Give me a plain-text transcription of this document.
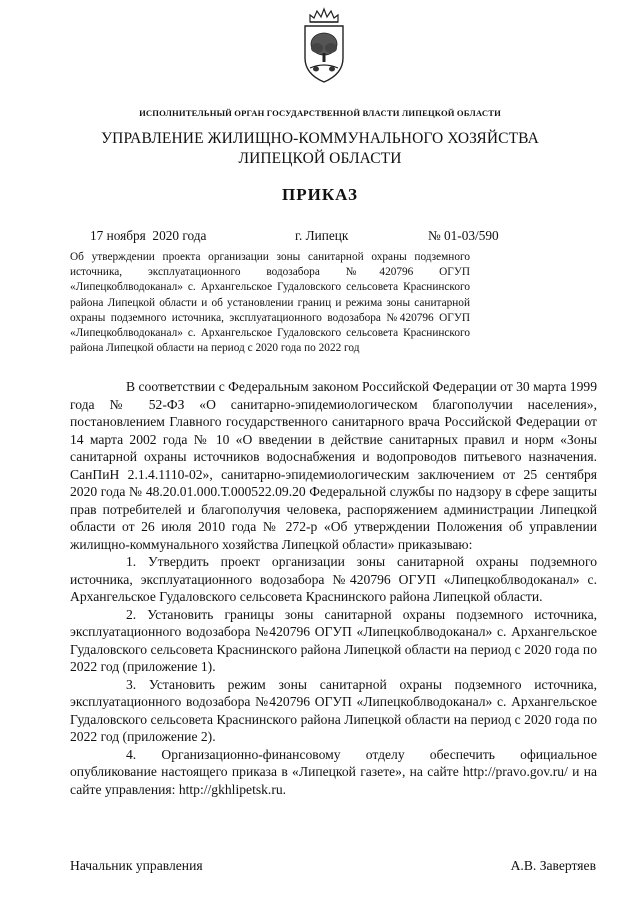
ИСПОЛНИТЕЛЬНЫЙ ОРГАН ГОСУДАРСТВЕННОЙ ВЛАСТИ ЛИПЕЦКОЙ ОБЛАСТИ
УПРАВЛЕНИЕ ЖИЛИЩНО-КОММУНАЛЬНОГО ХОЗЯЙСТВА
ЛИПЕЦКОЙ ОБЛАСТИ
ПРИКАЗ
17 ноября  2020 года	г. Липецк	№ 01-03/590
Об утверждении проекта организации зоны санитарной охраны подземного источника, эксплуатационного водозабора №420796 ОГУП «Липецкоблводоканал» с. Архангельское Гудаловского сельсовета Краснинского района Липецкой области и об установлении границ и режима зоны санитарной охраны подземного источника, эксплуатационного водозабора №420796 ОГУП «Липецкоблводоканал» с. Архангельское Гудаловского сельсовета Краснинского района Липецкой области на период с 2020 года по 2022 год

В соответствии с Федеральным законом Российской Федерации от 30 марта 1999 года № 52-ФЗ «О санитарно-эпидемиологическом благополучии населения», постановлением Главного государственного санитарного врача Российской Федерации от 14 марта 2002 года № 10 «О введении в действие санитарных правил и норм «Зоны санитарной охраны источников водоснабжения и водопроводов питьевого назначения. СанПиН 2.1.4.1110-02», санитарно-эпидемиологическим заключением от 25 сентября 2020 года № 48.20.01.000.Т.000522.09.20 Федеральной службы по надзору в сфере защиты прав потребителей и благополучия человека, распоряжением администрации Липецкой области от 26 июля 2010 года № 272-р «Об утверждении Положения об управлении жилищно-коммунального хозяйства Липецкой области» приказываю:

1. Утвердить проект организации зоны санитарной охраны подземного источника, эксплуатационного водозабора №420796 ОГУП «Липецкоблводоканал» с. Архангельское Гудаловского сельсовета Краснинского района Липецкой области.

2. Установить границы зоны санитарной охраны подземного источника, эксплуатационного водозабора №420796 ОГУП «Липецкоблводоканал» с. Архангельское Гудаловского сельсовета Краснинского района Липецкой области на период с 2020 года по 2022 год (приложение 1).

3. Установить режим зоны санитарной охраны подземного источника, эксплуатационного водозабора №420796 ОГУП «Липецкоблводоканал» с. Архангельское Гудаловского сельсовета Краснинского района Липецкой области на период с 2020 года по 2022 год (приложение 2).

4. Организационно-финансовому отделу обеспечить официальное опубликование настоящего приказа в «Липецкой газете», на сайте http://pravo.gov.ru/ и на сайте управления: http://gkhlipetsk.ru.

Начальник управления	А.В. Завертяев
